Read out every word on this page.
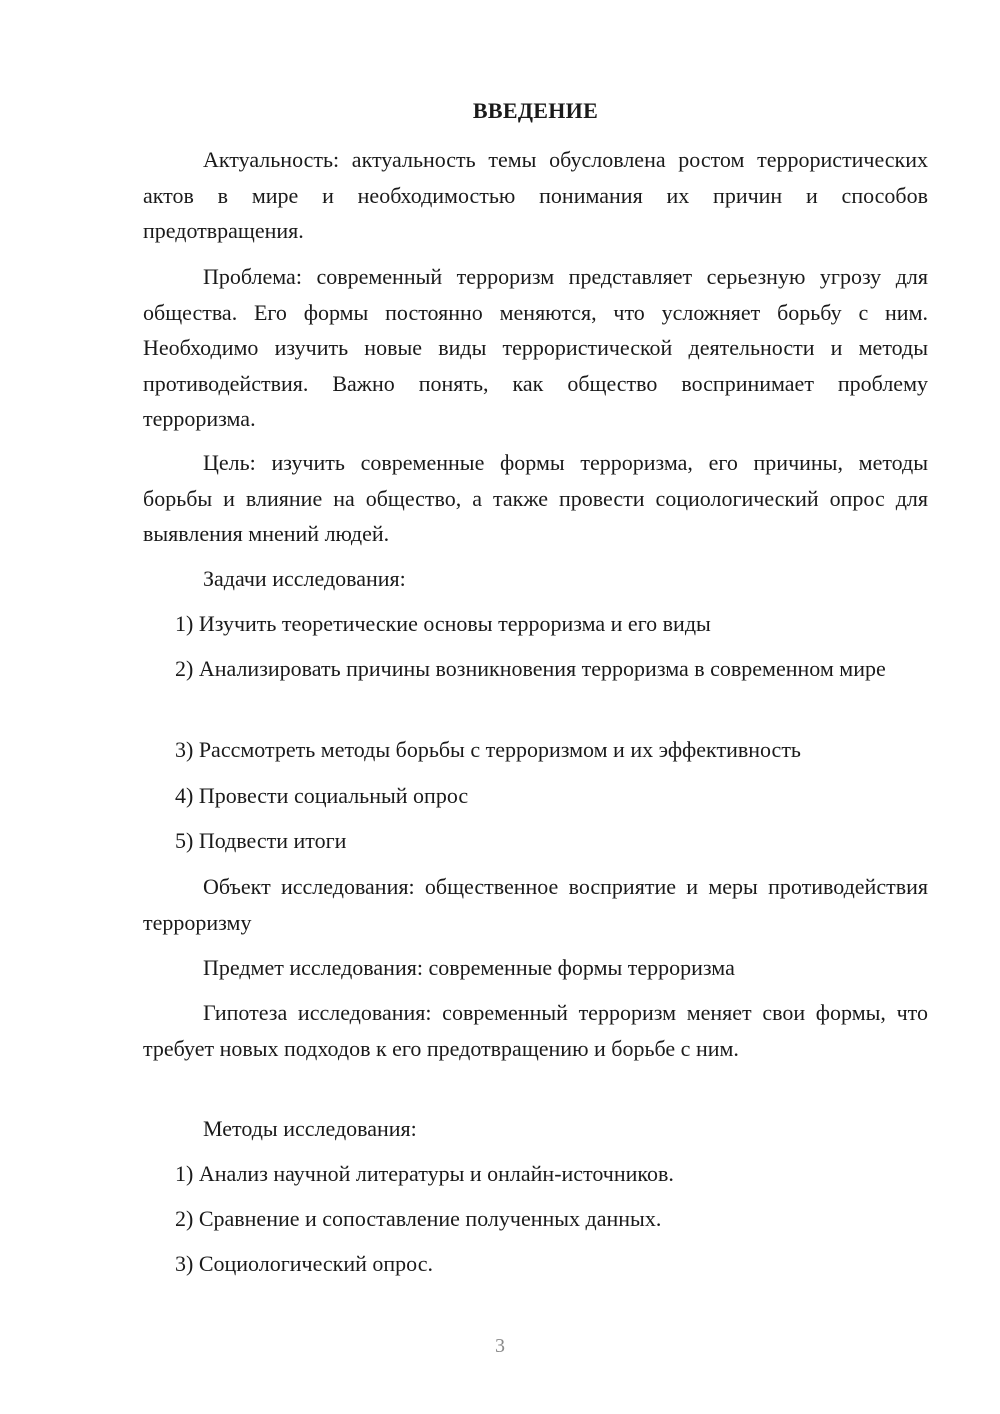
ВВЕДЕНИЕ

Актуальность: актуальность темы обусловлена ростом террористических актов в мире и необходимостью понимания их причин и способов предотвращения.

Проблема: современный терроризм представляет серьезную угрозу для общества. Его формы постоянно меняются, что усложняет борьбу с ним. Необходимо изучить новые виды террористической деятельности и методы противодействия. Важно понять, как общество воспринимает проблему терроризма.

Цель: изучить современные формы терроризма, его причины, методы борьбы и влияние на общество, а также провести социологический опрос для выявления мнений людей.

Задачи исследования:

1) Изучить теоретические основы терроризма и его виды

2) Анализировать причины возникновения терроризма в современном мире

3) Рассмотреть методы борьбы с терроризмом и их эффективность

4) Провести социальный опрос

5) Подвести итоги

Объект исследования: общественное восприятие и меры противодействия терроризму

Предмет исследования: современные формы терроризма

Гипотеза исследования: современный терроризм меняет свои формы, что требует новых подходов к его предотвращению и борьбе с ним.

Методы исследования:

1) Анализ научной литературы и онлайн-источников.

2) Сравнение и сопоставление полученных данных.

3) Социологический опрос.

3
